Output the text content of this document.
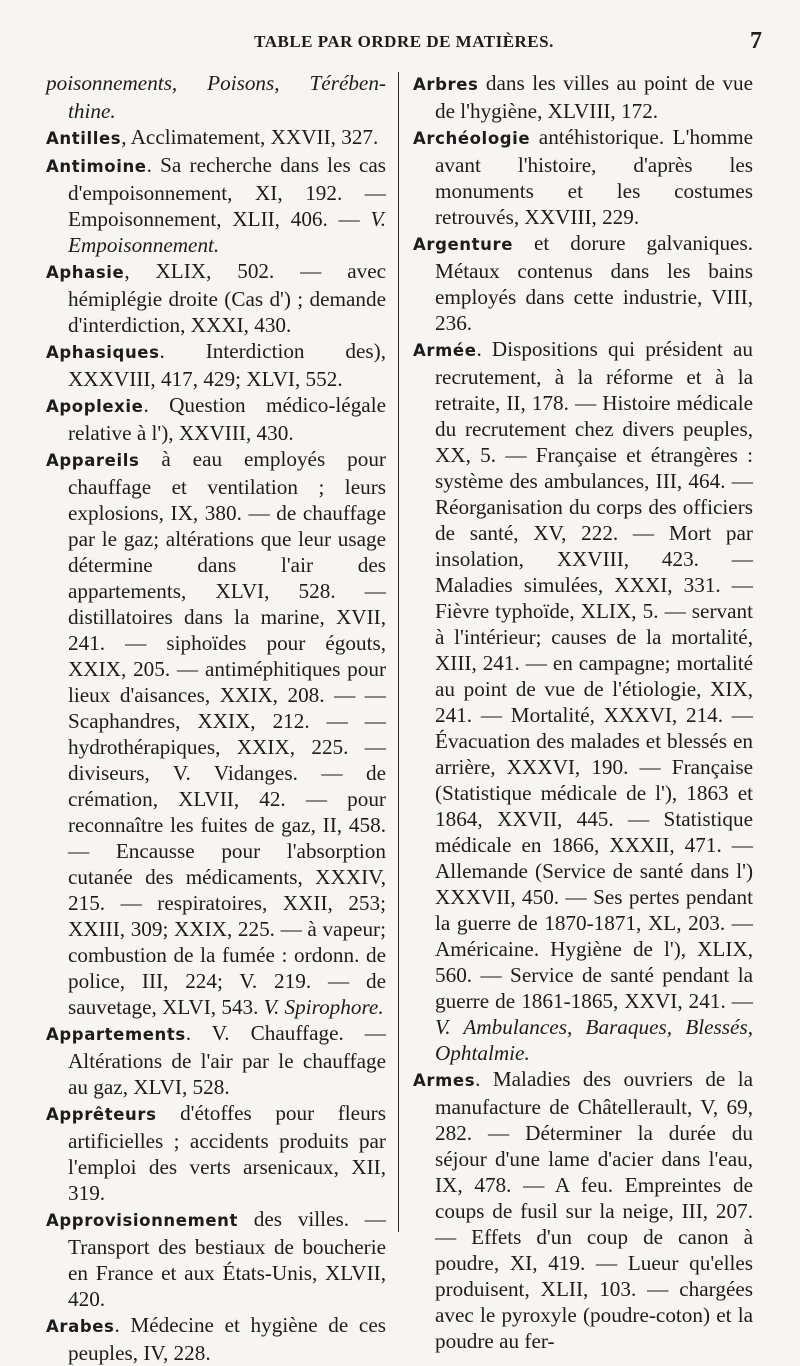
TABLE PAR ORDRE DE MATIÈRES.	7

poisonnements, Poisons, Térében- thine.

Antilles, Acclimatement, XXVII, 327.

Antimoine. Sa recherche dans les cas d'empoisonnement, XI, 192. — Empoisonnement, XLII, 406. — V. Empoisonnement.

Aphasie, XLIX, 502. — avec hémiplégie droite (Cas d') ; demande d'interdiction, XXXI, 430.

Aphasiques. Interdiction des), XXXVIII, 417, 429; XLVI, 552.

Apoplexie. Question médico-légale relative à l'), XXVIII, 430.

Appareils à eau employés pour chauffage et ventilation ; leurs explosions, IX, 380. — de chauffage par le gaz; altérations que leur usage détermine dans l'air des appartements, XLVI, 528. — distillatoires dans la marine, XVII, 241. — siphoïdes pour égouts, XXIX, 205. — antiméphitiques pour lieux d'aisances, XXIX, 208. — — Scaphandres, XXIX, 212. — — hydrothérapiques, XXIX, 225. — diviseurs, V. Vidanges. — de crémation, XLVII, 42. — pour reconnaître les fuites de gaz, II, 458. — Encausse pour l'absorption cutanée des médicaments, XXXIV, 215. — respiratoires, XXII, 253; XXIII, 309; XXIX, 225. — à vapeur; combustion de la fumée : ordonn. de police, III, 224; V. 219. — de sauvetage, XLVI, 543. V. Spirophore.

Appartements. V. Chauffage. — Altérations de l'air par le chauffage au gaz, XLVI, 528.

Apprêteurs d'étoffes pour fleurs artificielles ; accidents produits par l'emploi des verts arsenicaux, XII, 319.

Approvisionnement des villes. — Transport des bestiaux de boucherie en France et aux États-Unis, XLVII, 420.

Arabes. Médecine et hygiène de ces peuples, IV, 228.

Arbres dans les villes au point de vue de l'hygiène, XLVIII, 172.

Archéologie antéhistorique. L'homme avant l'histoire, d'après les monuments et les costumes retrouvés, XXVIII, 229.

Argenture et dorure galvaniques. Métaux contenus dans les bains employés dans cette industrie, VIII, 236.

Armée. Dispositions qui président au recrutement, à la réforme et à la retraite, II, 178. — Histoire médicale du recrutement chez divers peuples, XX, 5. — Française et étrangères : système des ambulances, III, 464. — Réorganisation du corps des officiers de santé, XV, 222. — Mort par insolation, XXVIII, 423. — Maladies simulées, XXXI, 331. — Fièvre typhoïde, XLIX, 5. — servant à l'intérieur; causes de la mortalité, XIII, 241. — en campagne; mortalité au point de vue de l'étiologie, XIX, 241. — Mortalité, XXXVI, 214. — Évacuation des malades et blessés en arrière, XXXVI, 190. — Française (Statistique médicale de l'), 1863 et 1864, XXVII, 445. — Statistique médicale en 1866, XXXII, 471. — Allemande (Service de santé dans l') XXXVII, 450. — Ses pertes pendant la guerre de 1870-1871, XL, 203. — Américaine. Hygiène de l'), XLIX, 560. — Service de santé pendant la guerre de 1861-1865, XXVI, 241. — V. Ambulances, Baraques, Blessés, Ophtalmie.

Armes. Maladies des ouvriers de la manufacture de Châtellerault, V, 69, 282. — Déterminer la durée du séjour d'une lame d'acier dans l'eau, IX, 478. — A feu. Empreintes de coups de fusil sur la neige, III, 207. — Effets d'un coup de canon à poudre, XI, 419. — Lueur qu'elles produisent, XLII, 103. — chargées avec le pyroxyle (poudre-coton) et la poudre au fer-
